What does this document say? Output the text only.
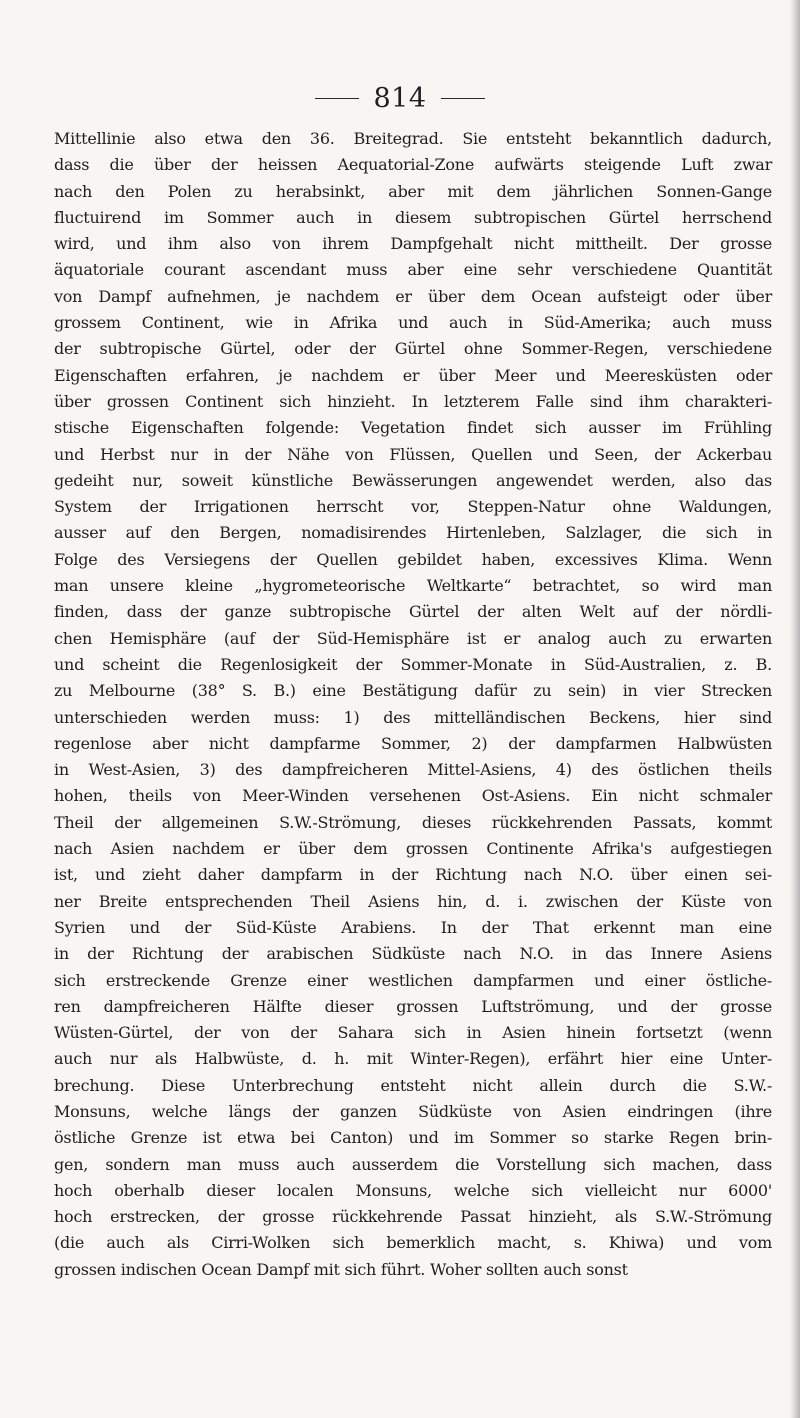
814
Mittellinie also etwa den 36. Breitegrad. Sie entsteht bekanntlich dadurch,
dass die über der heissen Aequatorial-Zone aufwärts steigende Luft zwar
nach den Polen zu herabsinkt, aber mit dem jährlichen Sonnen-Gange
fluctuirend im Sommer auch in diesem subtropischen Gürtel herrschend
wird, und ihm also von ihrem Dampfgehalt nicht mittheilt. Der grosse
äquatoriale courant ascendant muss aber eine sehr verschiedene Quantität
von Dampf aufnehmen, je nachdem er über dem Ocean aufsteigt oder über
grossem Continent, wie in Afrika und auch in Süd-Amerika; auch muss
der subtropische Gürtel, oder der Gürtel ohne Sommer-Regen, verschiedene
Eigenschaften erfahren, je nachdem er über Meer und Meeresküsten oder
über grossen Continent sich hinzieht. In letzterem Falle sind ihm charakteri-
stische Eigenschaften folgende: Vegetation findet sich ausser im Frühling
und Herbst nur in der Nähe von Flüssen, Quellen und Seen, der Ackerbau
gedeiht nur, soweit künstliche Bewässerungen angewendet werden, also das
System der Irrigationen herrscht vor, Steppen-Natur ohne Waldungen,
ausser auf den Bergen, nomadisirendes Hirtenleben, Salzlager, die sich in
Folge des Versiegens der Quellen gebildet haben, excessives Klima. Wenn
man unsere kleine „hygrometeorische Weltkarte“ betrachtet, so wird man
finden, dass der ganze subtropische Gürtel der alten Welt auf der nördli-
chen Hemisphäre (auf der Süd-Hemisphäre ist er analog auch zu erwarten
und scheint die Regenlosigkeit der Sommer-Monate in Süd-Australien, z. B.
zu Melbourne (38° S. B.) eine Bestätigung dafür zu sein) in vier Strecken
unterschieden werden muss: 1) des mittelländischen Beckens, hier sind
regenlose aber nicht dampfarme Sommer, 2) der dampfarmen Halbwüsten
in West-Asien, 3) des dampfreicheren Mittel-Asiens, 4) des östlichen theils
hohen, theils von Meer-Winden versehenen Ost-Asiens. Ein nicht schmaler
Theil der allgemeinen S.W.-Strömung, dieses rückkehrenden Passats, kommt
nach Asien nachdem er über dem grossen Continente Afrika's aufgestiegen
ist, und zieht daher dampfarm in der Richtung nach N.O. über einen sei-
ner Breite entsprechenden Theil Asiens hin, d. i. zwischen der Küste von
Syrien und der Süd-Küste Arabiens. In der That erkennt man eine
in der Richtung der arabischen Südküste nach N.O. in das Innere Asiens
sich erstreckende Grenze einer westlichen dampfarmen und einer östliche-
ren dampfreicheren Hälfte dieser grossen Luftströmung, und der grosse
Wüsten-Gürtel, der von der Sahara sich in Asien hinein fortsetzt (wenn
auch nur als Halbwüste, d. h. mit Winter-Regen), erfährt hier eine Unter-
brechung. Diese Unterbrechung entsteht nicht allein durch die S.W.-
Monsuns, welche längs der ganzen Südküste von Asien eindringen (ihre
östliche Grenze ist etwa bei Canton) und im Sommer so starke Regen brin-
gen, sondern man muss auch ausserdem die Vorstellung sich machen, dass
hoch oberhalb dieser localen Monsuns, welche sich vielleicht nur 6000'
hoch erstrecken, der grosse rückkehrende Passat hinzieht, als S.W.-Strömung
(die auch als Cirri-Wolken sich bemerklich macht, s. Khiwa) und vom
grossen indischen Ocean Dampf mit sich führt. Woher sollten auch sonst
